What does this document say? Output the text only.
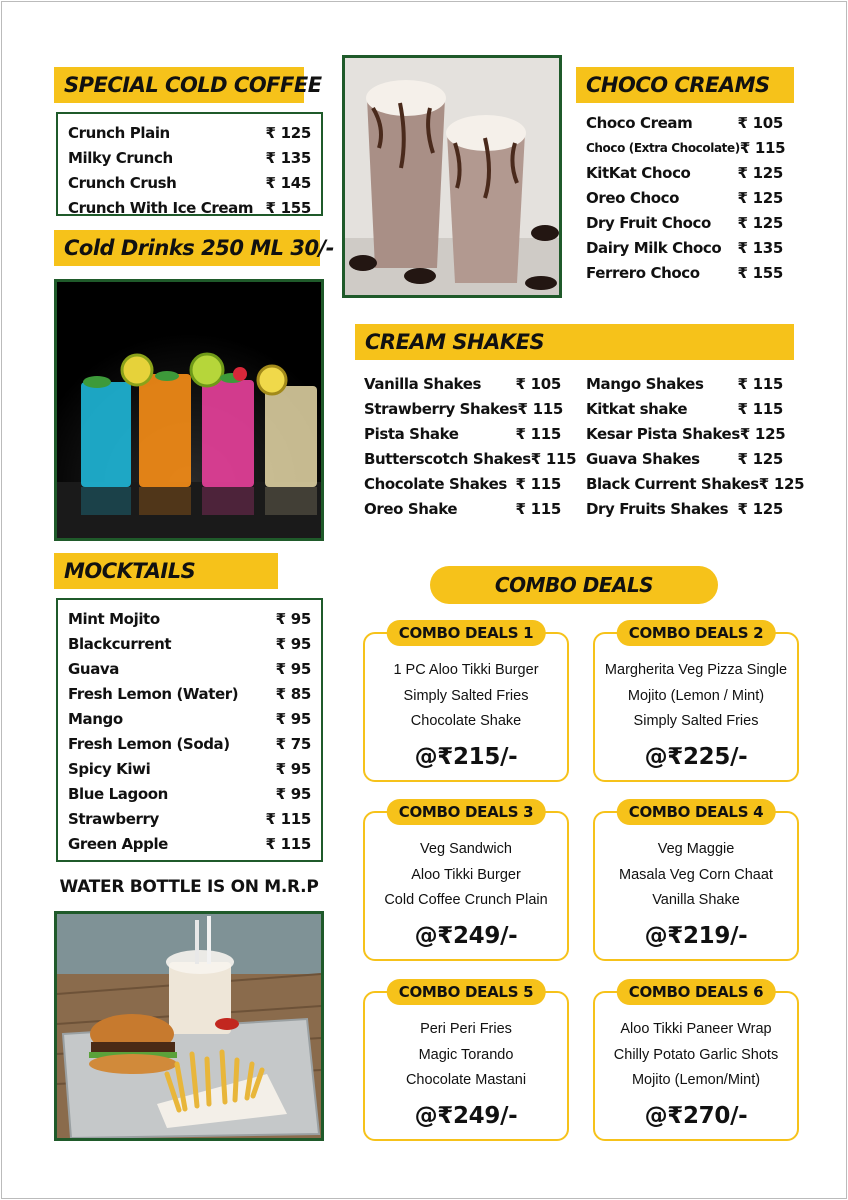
SPECIAL COLD COFFEE
Crunch Plain	₹ 125
Milky Crunch	₹ 135
Crunch Crush	₹ 145
Crunch With Ice Cream ₹ 155
Cold Drinks 250 ML 30/-
CHOCO CREAMS
Choco Cream	₹ 105
Choco (Extra Chocolate) ₹ 115
KitKat Choco	₹ 125
Oreo Choco	₹ 125
Dry Fruit Choco ₹ 125
Dairy Milk Choco ₹ 135
Ferrero Choco	₹ 155
CREAM SHAKES
Vanilla Shakes ₹ 105
Strawberry Shakes ₹ 115
Pista Shake	₹ 115
Butterscotch Shakes ₹ 115
Chocolate Shakes ₹ 115
Oreo Shake	₹ 115
Mango Shakes ₹ 115
Kitkat shake	₹ 115
Kesar Pista Shakes ₹ 125
Guava Shakes	₹ 125
Black Current Shakes ₹ 125
Dry Fruits Shakes ₹ 125
MOCKTAILS
Mint Mojito	₹ 95
Blackcurrent	₹ 95
Guava	₹ 95
Fresh Lemon (Water) ₹ 85
Mango	₹ 95
Fresh Lemon (Soda)	₹ 75
Spicy Kiwi	₹ 95
Blue Lagoon	₹ 95
Strawberry	₹ 115
Green Apple	₹ 115
WATER BOTTLE IS ON M.R.P
COMBO DEALS
COMBO DEALS 1
1 PC Aloo Tikki Burger
Simply Salted Fries
Chocolate Shake
@₹215/-
COMBO DEALS 2
Margherita Veg Pizza Single
Mojito (Lemon / Mint)
Simply Salted Fries
@₹225/-
COMBO DEALS 3
Veg Sandwich
Aloo Tikki Burger
Cold Coffee Crunch Plain
@₹249/-
COMBO DEALS 4
Veg Maggie
Masala Veg Corn Chaat
Vanilla Shake
@₹219/-
COMBO DEALS 5
Peri Peri Fries
Magic Torando
Chocolate Mastani
@₹249/-
COMBO DEALS 6
Aloo Tikki Paneer Wrap
Chilly Potato Garlic Shots
Mojito (Lemon/Mint)
@₹270/-
